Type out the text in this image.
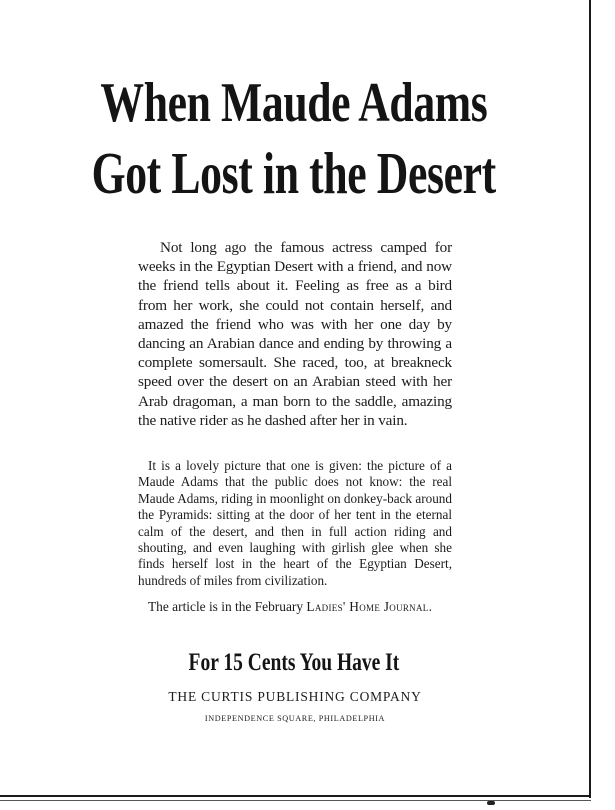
When Maude Adams
Got Lost in the Desert
Not long ago the famous actress camped for weeks in the Egyptian Desert with a friend, and now the friend tells about it. Feeling as free as a bird from her work, she could not contain herself, and amazed the friend who was with her one day by dancing an Arabian dance and ending by throwing a complete somersault. She raced, too, at breakneck speed over the desert on an Arabian steed with her Arab dragoman, a man born to the saddle, amazing the native rider as he dashed after her in vain.
It is a lovely picture that one is given: the picture of a Maude Adams that the public does not know: the real Maude Adams, riding in moonlight on donkey-back around the Pyramids: sitting at the door of her tent in the eternal calm of the desert, and then in full action riding and shouting, and even laughing with girlish glee when she finds herself lost in the heart of the Egyptian Desert, hundreds of miles from civilization.
The article is in the February Ladies' Home Journal.
For 15 Cents You Have It
THE CURTIS PUBLISHING COMPANY
INDEPENDENCE SQUARE, PHILADELPHIA
